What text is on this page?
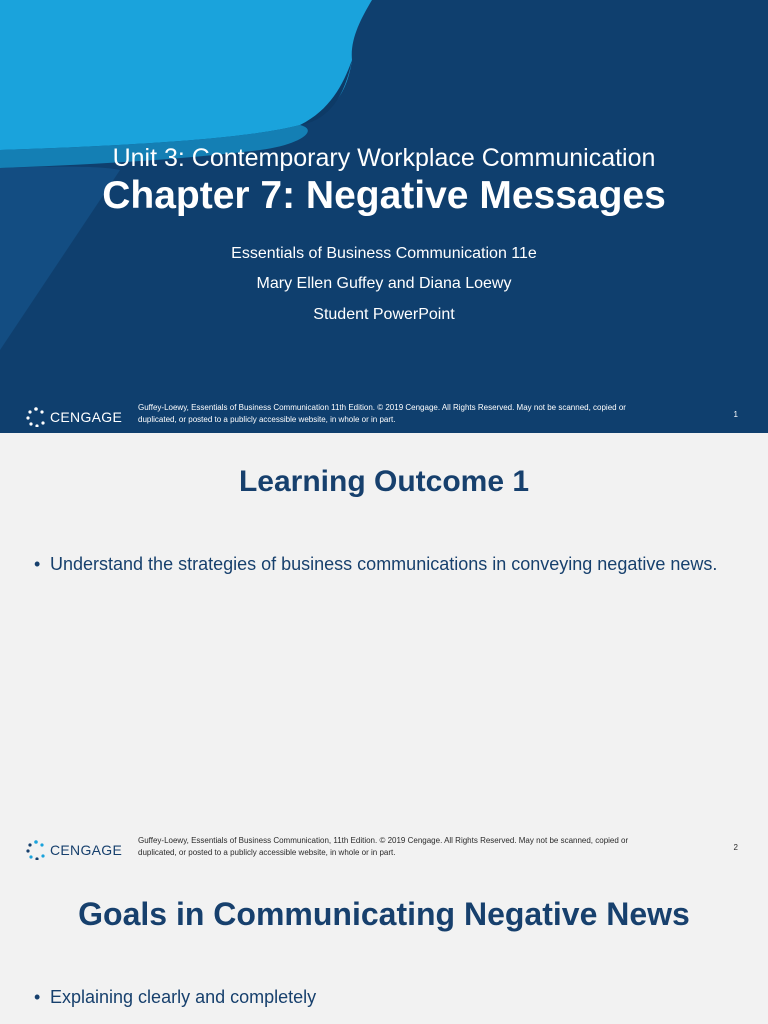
Unit 3: Contemporary Workplace Communication
Chapter 7: Negative Messages
Essentials of Business Communication 11e
Mary Ellen Guffey and Diana Loewy
Student PowerPoint
CENGAGE
Guffey-Loewy, Essentials of Business Communication 11th Edition. © 2019 Cengage. All Rights Reserved. May not be scanned, copied or
duplicated, or posted to a publicly accessible website, in whole or in part.
1
Learning Outcome 1
• Understand the strategies of business communications in conveying negative news.
CENGAGE
Guffey-Loewy, Essentials of Business Communication, 11th Edition. © 2019 Cengage. All Rights Reserved. May not be scanned, copied or
duplicated, or posted to a publicly accessible website, in whole or in part.
2
Goals in Communicating Negative News
• Explaining clearly and completely
